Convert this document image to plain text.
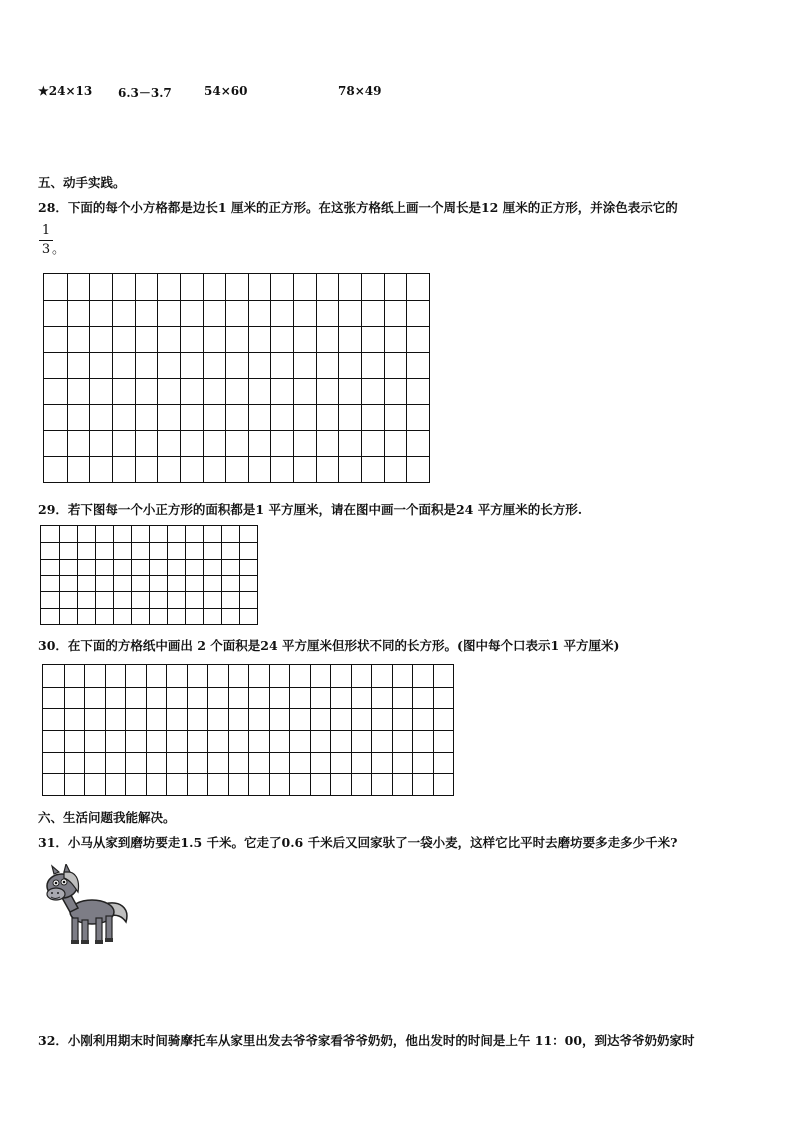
★24×13 6.3－3.7	54×60	78×49
五、动手实践。
28．下面的每个小方格都是边长1 厘米的正方形。在这张方格纸上画一个周长是12 厘米的正方形，并涂色表示它的
1
3 。
29．若下图每一个小正方形的面积都是1 平方厘米，请在图中画一个面积是24 平方厘米的长方形.
30．在下面的方格纸中画出 2 个面积是24 平方厘米但形状不同的长方形。(图中每个口表示1 平方厘米)
六、生活问题我能解决。
31．小马从家到磨坊要走1.5 千米。它走了0.6 千米后又回家驮了一袋小麦，这样它比平时去磨坊要多走多少千米?
32．小刚利用期末时间骑摩托车从家里出发去爷爷家看爷爷奶奶，他出发时的时间是上午 11：00，到达爷爷奶奶家时
